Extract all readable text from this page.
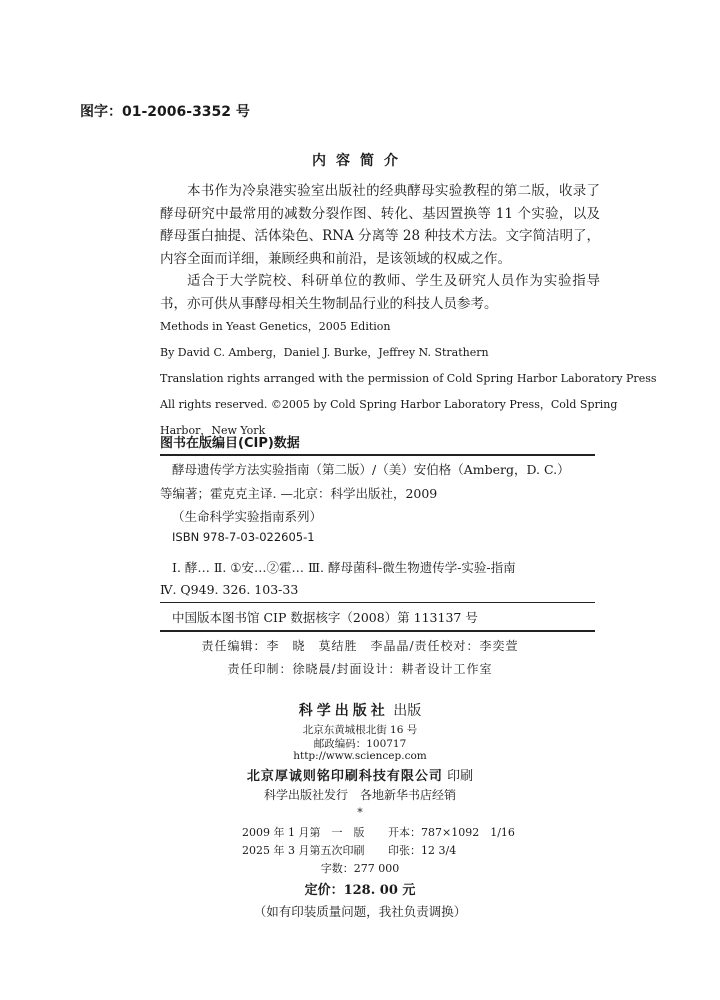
图字：01-2006-3352 号
内容简介

本书作为冷泉港实验室出版社的经典酵母实验教程的第二版，收录了酵母研究中最常用的减数分裂作图、转化、基因置换等 11 个实验，以及酵母蛋白抽提、活体染色、RNA 分离等 28 种技术方法。文字简洁明了，内容全面而详细，兼顾经典和前沿，是该领域的权威之作。

适合于大学院校、科研单位的教师、学生及研究人员作为实验指导书，亦可供从事酵母相关生物制品行业的科技人员参考。

Methods in Yeast Genetics，2005 Edition
By David C. Amberg，Daniel J. Burke，Jeffrey N. Strathern
Translation rights arranged with the permission of Cold Spring Harbor Laboratory Press
All rights reserved. ©2005 by Cold Spring Harbor Laboratory Press，Cold Spring
Harbor，New York
图书在版编目(CIP)数据
酵母遗传学方法实验指南（第二版）/（美）安伯格（Amberg，D. C.）
等编著；霍克克主译. —北京：科学出版社，2009
（生命科学实验指南系列）
ISBN 978-7-03-022605-1
Ⅰ. 酵… Ⅱ. ①安…②霍… Ⅲ. 酵母菌科-微生物遗传学-实验-指南
Ⅳ. Q949. 326. 103-33
中国版本图书馆 CIP 数据核字（2008）第 113137 号
责任编辑：李　晓　莫结胜　李晶晶/责任校对：李奕萱
责任印制：徐晓晨/封面设计：耕者设计工作室
科学出版社 出版
北京东黄城根北街 16 号
邮政编码：100717
http://www.sciencep.com
北京厚诚则铭印刷科技有限公司 印刷
科学出版社发行　各地新华书店经销
*
2009 年 1 月第　一　版 开本：787×1092　1/16
2025 年 3 月第五次印刷 印张：12 3/4
字数：277 000
定价：128. 00 元
（如有印装质量问题，我社负责调换）
